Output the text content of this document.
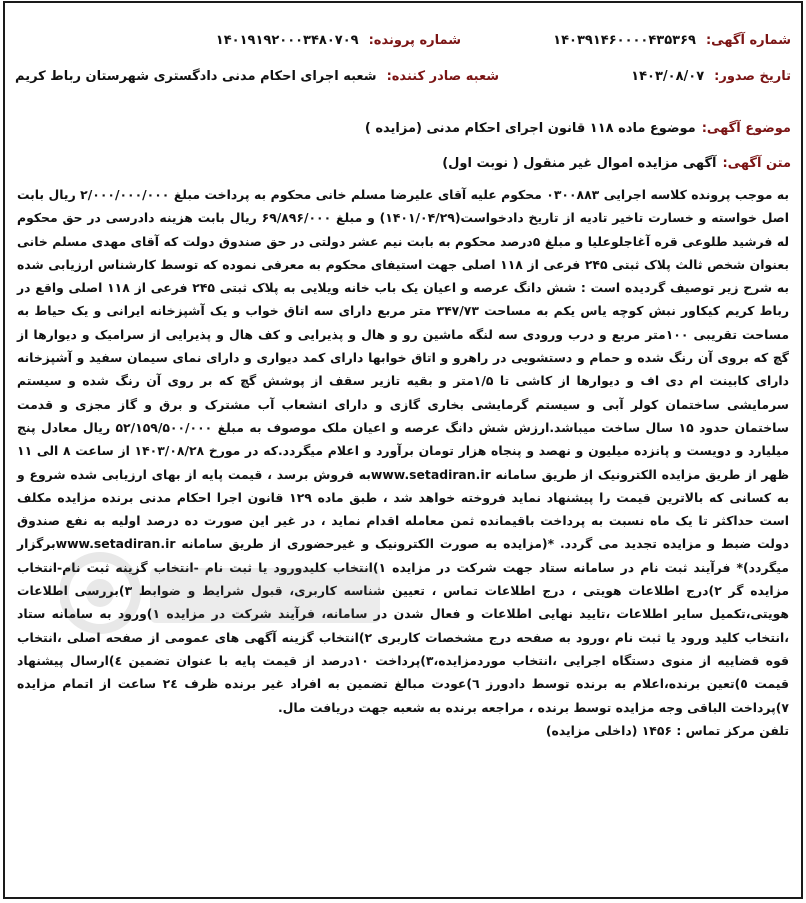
شماره آگهی:
۱۴۰۳۹۱۴۶۰۰۰۰۴۳۵۳۶۹
شماره پرونده:
۱۴۰۱۹۱۹۲۰۰۰۳۴۸۰۷۰۹
تاریخ صدور:
۱۴۰۳/۰۸/۰۷
شعبه صادر کننده:
شعبه اجرای احکام مدنی دادگستری شهرستان رباط کریم
موضوع آگهی:
موضوع ماده ۱۱۸ قانون اجرای احکام مدنی (مزایده )
متن آگهی:
آگهی مزایده اموال غیر منقول ( نوبت اول)
به موجب پرونده کلاسه اجرایی ۰۳۰۰۸۸۳ محکوم علیه آقای علیرضا مسلم خانی محکوم به پرداخت مبلغ ۲/۰۰۰/۰۰۰/۰۰۰ ریال بابت اصل خواسته و خسارت تاخیر تادیه از تاریخ دادخواست(۱۴۰۱/۰۴/۲۹) و مبلغ ۶۹/۸۹۶/۰۰۰ ریال بابت هزینه دادرسی در حق محکوم له فرشید طلوعی قره آغاجلوعلیا و مبلغ ۵درصد محکوم به بابت نیم عشر دولتی در حق صندوق دولت که آقای مهدی مسلم خانی بعنوان شخص ثالث پلاک ثبتی ۲۴۵ فرعی از ۱۱۸ اصلی جهت استیفای محکوم به معرفی نموده که توسط کارشناس ارزیابی شده به شرح زیر توصیف گردیده است : شش دانگ عرصه و اعیان یک باب خانه ویلایی به پلاک ثبتی ۲۴۵ فرعی از ۱۱۸ اصلی واقع در رباط کریم کیکاور نبش کوچه یاس یکم به مساحت ۳۴۷/۷۳ متر مربع دارای سه اتاق خواب و یک آشپزخانه ایرانی و یک حیاط به مساحت تقریبی ۱۰۰متر مربع و درب ورودی سه لنگه ماشین رو و هال و پذیرایی و کف هال و پذیرایی از سرامیک و دیوارها از گچ که بروی آن رنگ شده و حمام و دستشویی در راهرو و اتاق خوابها دارای کمد دیواری و دارای نمای سیمان سفید و آشپزخانه دارای کابینت ام دی اف و دیوارها از کاشی تا ۱/۵متر و بقیه تازیر سقف از پوشش گچ که بر روی آن رنگ شده و سیستم سرمایشی ساختمان کولر آبی و سیستم گرمایشی بخاری گازی و دارای انشعاب آب مشترک و برق و گاز مجزی و قدمت ساختمان حدود ۱۵ سال ساخت میباشد.ارزش شش دانگ عرصه و اعیان ملک موصوف به مبلغ ۵۲/۱۵۹/۵۰۰/۰۰۰ ریال معادل پنج میلیارد و دویست و پانزده میلیون و نهصد و پنجاه هزار تومان برآورد و اعلام میگردد.که در مورخ ۱۴۰۳/۰۸/۲۸ از ساعت ۸ الی ۱۱ ظهر از طریق مزایده الکترونیک از طریق سامانه www.setadiran.irبه فروش برسد ، قیمت پایه از بهای ارزیابی شده شروع و به کسانی که بالاترین قیمت را پیشنهاد نماید فروخته خواهد شد ، طبق ماده ۱۲۹ قانون اجرا احکام مدنی برنده مزایده مکلف است حداکثر تا یک ماه نسبت به پرداخت باقیمانده ثمن معامله اقدام نماید ، در غیر این صورت ده درصد اولیه به نفع صندوق دولت ضبط و مزایده تجدید می گردد. *(مزایده به صورت الکترونیک و غیرحضوری از طریق سامانه www.setadiran.irبرگزار میگردد)* فرآیند ثبت نام در سامانه ستاد جهت شرکت در مزایده ۱)انتخاب کلیدورود یا ثبت نام -انتخاب گزینه ثبت نام-انتخاب مزایده گر ۲)درج اطلاعات هویتی ، درج اطلاعات تماس ، تعیین شناسه کاربری، قبول شرایط و ضوابط ۳)بررسی اطلاعات هویتی،تکمیل سایر اطلاعات ،تایید نهایی اطلاعات و فعال شدن در سامانه، فرآیند شرکت در مزایده ۱)ورود به سامانه ستاد ،انتخاب کلید ورود یا ثبت نام ،ورود به صفحه درج مشخصات کاربری ۲)انتخاب گزینه آگهی های عمومی از صفحه اصلی ،انتخاب قوه قضاییه از منوی دستگاه اجرایی ،انتخاب موردمزایده،۳)پرداخت ۱۰درصد از قیمت پایه با عنوان تضمین ٤)ارسال پیشنهاد قیمت ٥)تعین برنده،اعلام به برنده توسط دادورز ٦)عودت مبالغ تضمین به افراد غیر برنده ظرف ۲٤ ساعت از اتمام مزایده ۷)پرداخت الباقی وجه مزایده توسط برنده ، مراجعه برنده به شعبه جهت دریافت مال.
تلفن مرکز تماس : ۱۴۵۶ (داخلی مزایده)
